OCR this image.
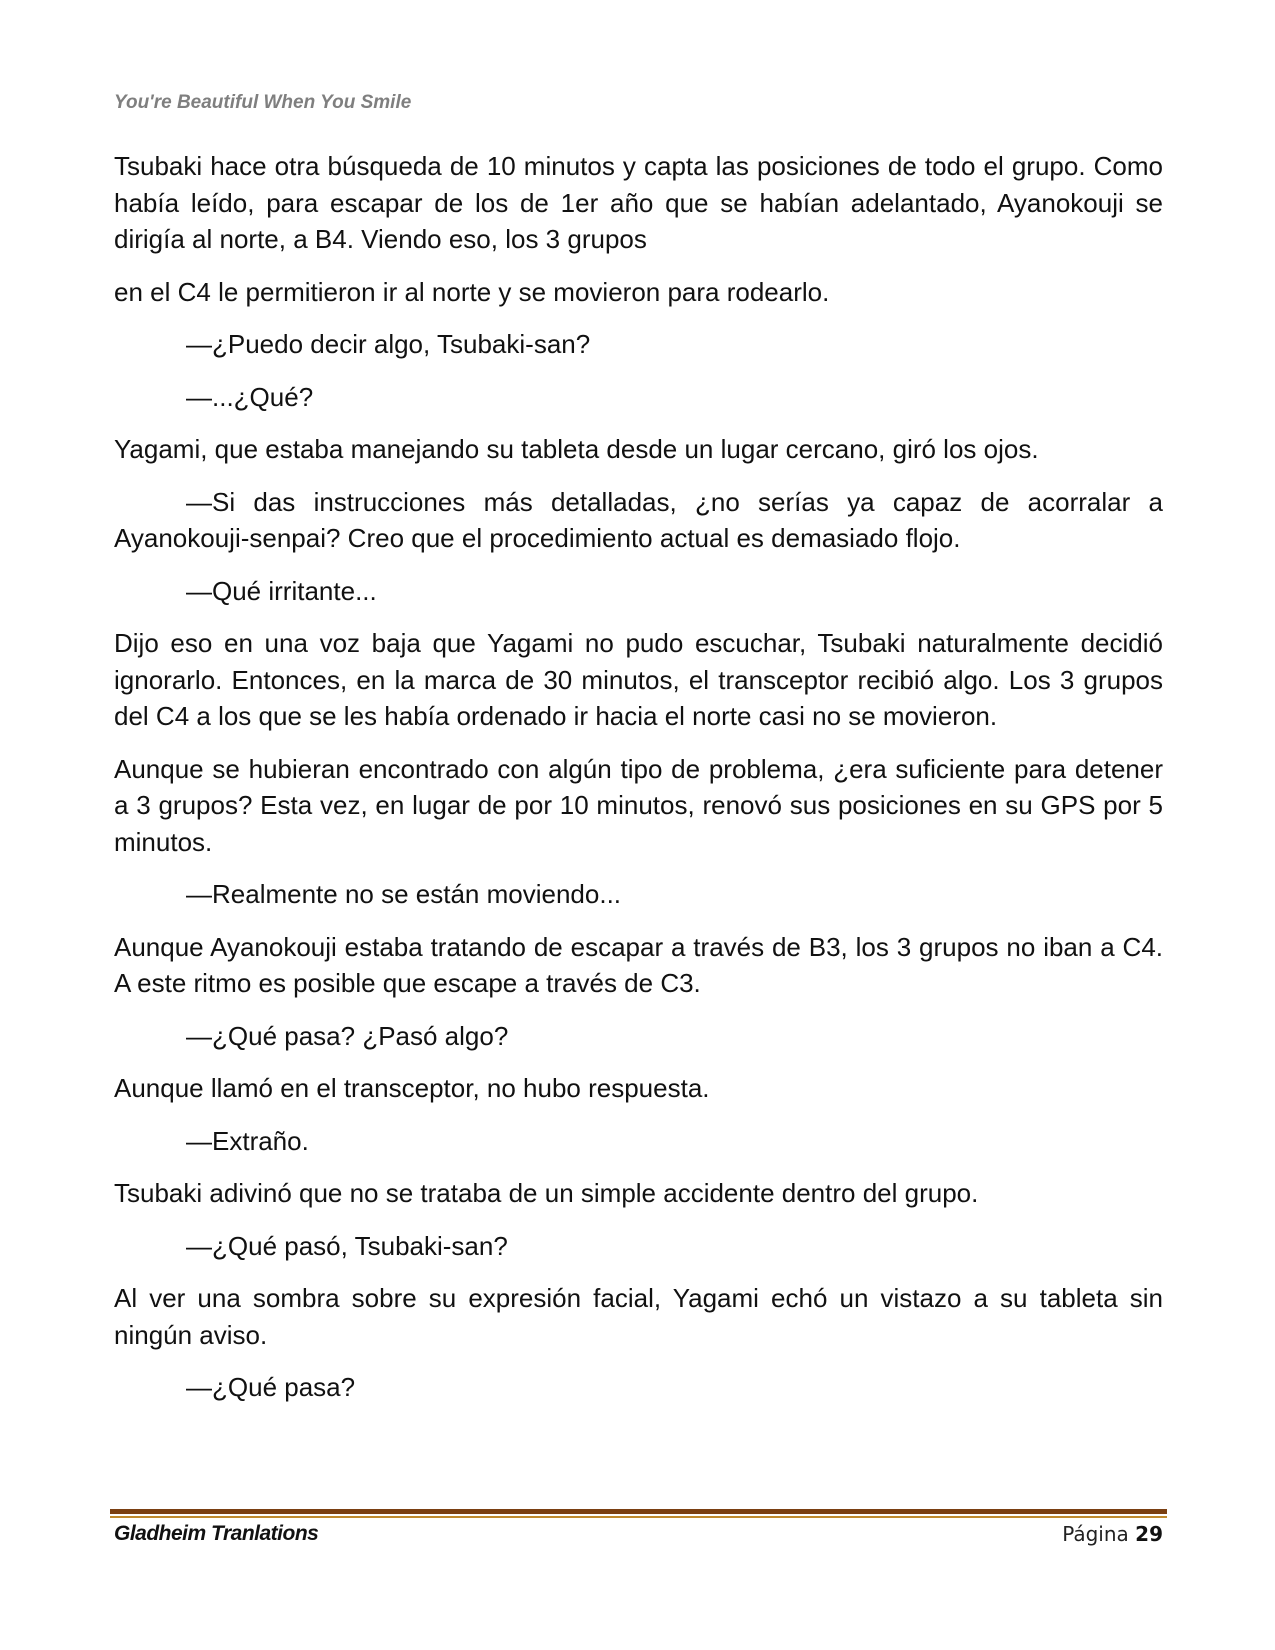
You're Beautiful When You Smile

Tsubaki hace otra búsqueda de 10 minutos y capta las posiciones de todo el grupo. Como había leído, para escapar de los de 1er año que se habían adelantado, Ayanokouji se dirigía al norte, a B4. Viendo eso, los 3 grupos

en el C4 le permitieron ir al norte y se movieron para rodearlo.

—¿Puedo decir algo, Tsubaki-san?

—...¿Qué?

Yagami, que estaba manejando su tableta desde un lugar cercano, giró los ojos.

—Si das instrucciones más detalladas, ¿no serías ya capaz de acorralar a Ayanokouji-senpai? Creo que el procedimiento actual es demasiado flojo.

—Qué irritante...

Dijo eso en una voz baja que Yagami no pudo escuchar, Tsubaki naturalmente decidió ignorarlo. Entonces, en la marca de 30 minutos, el transceptor recibió algo. Los 3 grupos del C4 a los que se les había ordenado ir hacia el norte casi no se movieron.

Aunque se hubieran encontrado con algún tipo de problema, ¿era suficiente para detener a 3 grupos? Esta vez, en lugar de por 10 minutos, renovó sus posiciones en su GPS por 5 minutos.

—Realmente no se están moviendo...

Aunque Ayanokouji estaba tratando de escapar a través de B3, los 3 grupos no iban a C4. A este ritmo es posible que escape a través de C3.

—¿Qué pasa? ¿Pasó algo?

Aunque llamó en el transceptor, no hubo respuesta.

—Extraño.

Tsubaki adivinó que no se trataba de un simple accidente dentro del grupo.

—¿Qué pasó, Tsubaki-san?

Al ver una sombra sobre su expresión facial, Yagami echó un vistazo a su tableta sin ningún aviso.

—¿Qué pasa?

Gladheim Tranlations	Página 29
